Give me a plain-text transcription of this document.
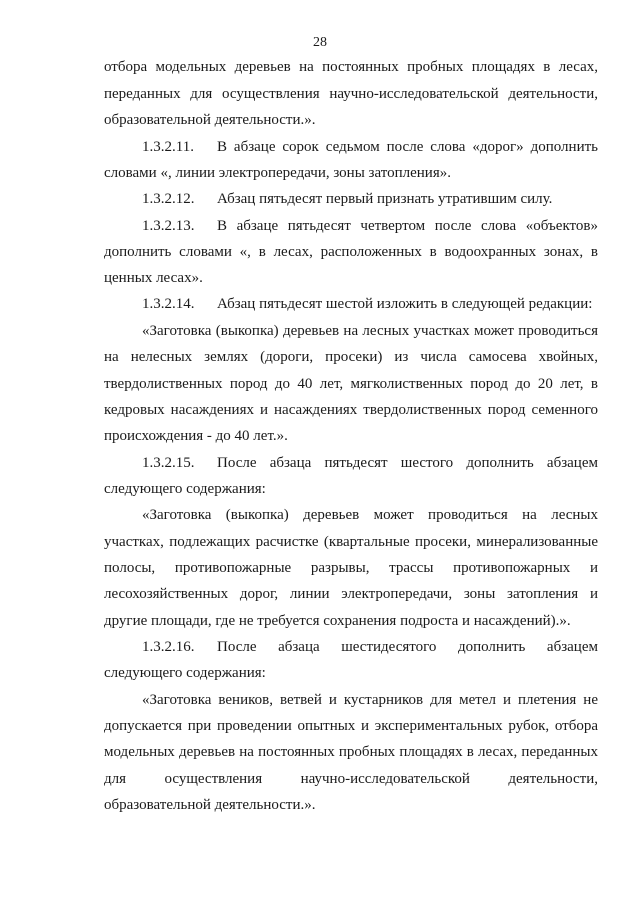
28
отбора модельных деревьев на постоянных пробных площадях в лесах,
переданных для осуществления научно-исследовательской деятельности,
образовательной деятельности.».
1.3.2.11. В абзаце сорок седьмом после слова «дорог» дополнить
словами «, линии электропередачи, зоны затопления».
1.3.2.12. Абзац пятьдесят первый признать утратившим силу.
1.3.2.13. В абзаце пятьдесят четвертом после слова «объектов»
дополнить словами «, в лесах, расположенных в водоохранных зонах, в
ценных лесах».
1.3.2.14. Абзац пятьдесят шестой изложить в следующей редакции:
«Заготовка (выкопка) деревьев на лесных участках может проводиться
на нелесных землях (дороги, просеки) из числа самосева хвойных,
твердолиственных пород до 40 лет, мягколиственных пород до 20 лет, в
кедровых насаждениях и насаждениях твердолиственных пород семенного
происхождения - до 40 лет.».
1.3.2.15. После абзаца пятьдесят шестого дополнить абзацем
следующего содержания:
«Заготовка (выкопка) деревьев может проводиться на лесных
участках, подлежащих расчистке (квартальные просеки, минерализованные
полосы, противопожарные разрывы, трассы противопожарных и
лесохозяйственных дорог, линии электропередачи, зоны затопления и
другие площади, где не требуется сохранения подроста и насаждений).».
1.3.2.16. После абзаца шестидесятого дополнить абзацем
следующего содержания:
«Заготовка веников, ветвей и кустарников для метел и плетения не
допускается при проведении опытных и экспериментальных рубок, отбора
модельных деревьев на постоянных пробных площадях в лесах, переданных
для осуществления научно-исследовательской деятельности,
образовательной деятельности.».
